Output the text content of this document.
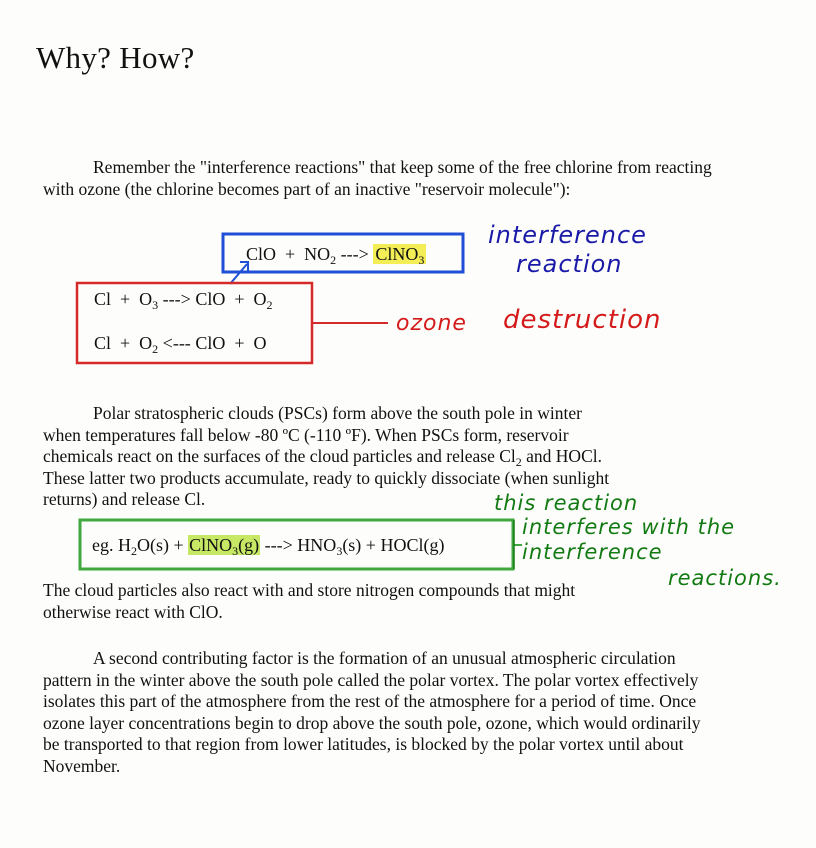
Why? How?

Remember the "interference reactions" that keep some of the free chlorine from reacting with ozone (the chlorine becomes part of an inactive "reservoir molecule"):

ClO + $NO_2$ ---> ClNO$_3$
$Cl + O_3$ ---> ClO + $O_2$
$Cl + O_2$ <--- ClO + O
interference
reaction
ozone destruction
Polar stratospheric clouds (PSCs) form above the south pole in winter
when temperatures fall below -80 ºC (-110 ºF). When PSCs form, reservoir
chemicals react on the surfaces of the cloud particles and release $Cl_2$ and HOCl.
These latter two products accumulate, ready to quickly dissociate (when sunlight
returns) and release Cl.
eg. $H_2O(s)$ + ClNO$_3$(g) ---> $HNO_3(s)$ + HOCl(g)
this reaction
interferes with the
interference
reactions.
The cloud particles also react with and store nitrogen compounds that might
otherwise react with ClO.

A second contributing factor is the formation of an unusual atmospheric circulation pattern in the winter above the south pole called the polar vortex. The polar vortex effectively isolates this part of the atmosphere from the rest of the atmosphere for a period of time. Once ozone layer concentrations begin to drop above the south pole, ozone, which would ordinarily be transported to that region from lower latitudes, is blocked by the polar vortex until about November.
